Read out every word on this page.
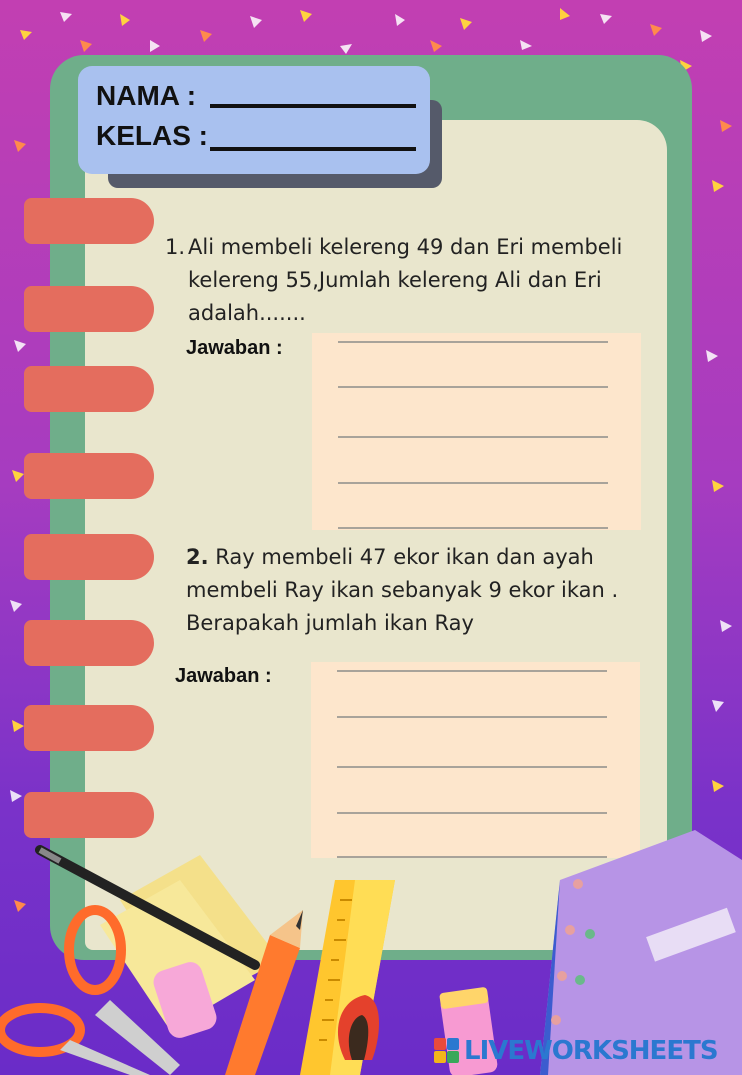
NAMA :
KELAS :
1. Ali membeli kelereng 49 dan Eri membeli
kelereng 55,Jumlah kelereng Ali dan Eri
adalah.......
Jawaban :
2. Ray membeli 47 ekor ikan dan ayah
membeli Ray ikan sebanyak 9 ekor ikan .
Berapakah jumlah ikan Ray
Jawaban :
LIVEWORKSHEETS
